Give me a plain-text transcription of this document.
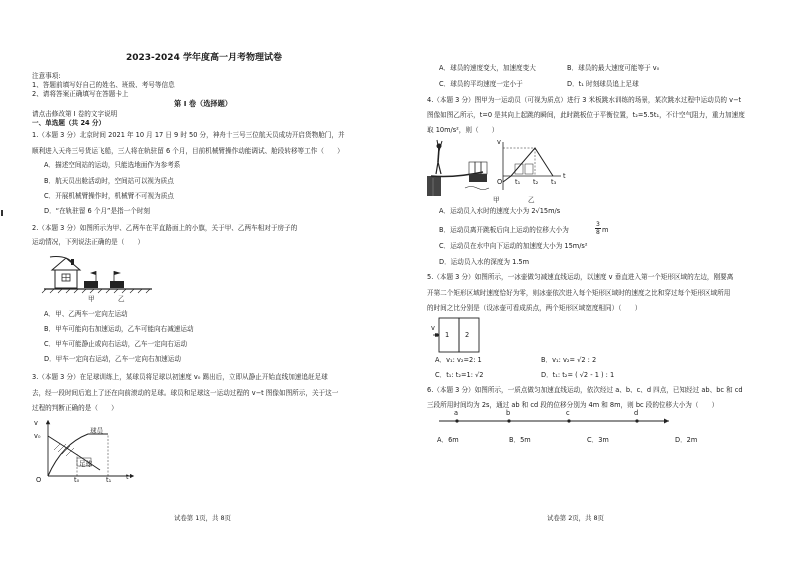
2023-2024 学年度高一月考物理试卷
注意事项:
1、答题前填写好自己的姓名、班级、考号等信息
2、请将答案正确填写在答题卡上
第 I 卷（选择题）
请点击修改第 I 卷的文字说明
一、单选题（共 24 分）
1.（本题 3 分）北京时间 2021 年 10 月 17 日 9 时 50 分，神舟十三号三位航天员成功开启货物舱门，并
顺利进入天舟三号货运飞船，三人将在轨驻留 6 个月，目前机械臂操作动能调试、舱段转移等工作（　　）
A．描述空间站的运动，只能选地面作为参考系
B．航天员出舱活动时，空间站可以视为质点
C．开展机械臂操作时，机械臂不可视为质点
D．“在轨驻留 6 个月”是指一个时刻
2.（本题 3 分）如图所示为甲、乙两车在平直路面上的小旗，关于甲、乙两车相对于房子的
运动情况，下列说法正确的是（　　）
甲	乙
A．甲、乙两车一定向左运动
B．甲车可能向右加速运动，乙车可能向右减速运动
C．甲车可能静止或向右运动，乙车一定向右运动
D．甲车一定向右运动，乙车一定向右加速运动
3.（本题 3 分）在足球训练上，某球员将足球以初速度 v₀ 踢出后，立即从静止开始直线加速追赶足球
去，经一段时间后追上了还在向前滚动的足球。球员和足球这一运动过程的 v−t 图像如图所示，关于这一
过程的判断正确的是（　　）
v
t
v₀
O	t₀	t₁
球员
足球
试卷第 1页，共 8页
A．球员的速度变大，加速度变大	B．球员的最大速度可能等于 v₀
C．球员的平均速度一定小于	D．t₁ 时刻球员追上足球
4.（本题 3 分）图甲为一运动员（可视为质点）进行 3 米板跳水训练的场景，某次跳水过程中运动员的 v−t
图像如图乙所示，t=0 是其向上起跳的瞬间，此时跳板位于平衡位置，t₂=5.5t₁，不计空气阻力，重力加速度
取 10m/s²，则（　　）
甲	乙
v
t
O t₁ t₂ t₃
A．运动员入水时的速度大小为 2√15m/s
B．运动员离开跳板后向上运动的位移大小为	$\frac{3}{8}$ m
C．运动员在水中向下运动的加速度大小为 15m/s²
D．运动员入水的深度为 1.5m
5.（本题 3 分）如图所示，一冰壶做匀减速直线运动，以速度 v 垂直进入第一个矩形区域的左边，刚要离
开第二个矩形区域时速度恰好为零，则冰壶依次进入每个矩形区域时的速度之比和穿过每个矩形区域所用
的时间之比分别是（设冰壶可看成质点，两个矩形区域宽度相同）（　　）
1 2
v
A．v₁: v₂=2: 1	B．v₁: v₂= √2 : 2
C．t₁: t₂=1: √2	D．t₁: t₂= ( √2 - 1 ) : 1
6.（本题 3 分）如图所示，一质点做匀加速直线运动，依次经过 a、b、c、d 四点，已知经过 ab、bc 和 cd
三段所用时间均为 2s，通过 ab 和 cd 段的位移分别为 4m 和 8m，则 bc 段的位移大小为（　　）
a	b	c	d
A．6m	B．5m	C．3m	D．2m
试卷第 2页，共 8页
